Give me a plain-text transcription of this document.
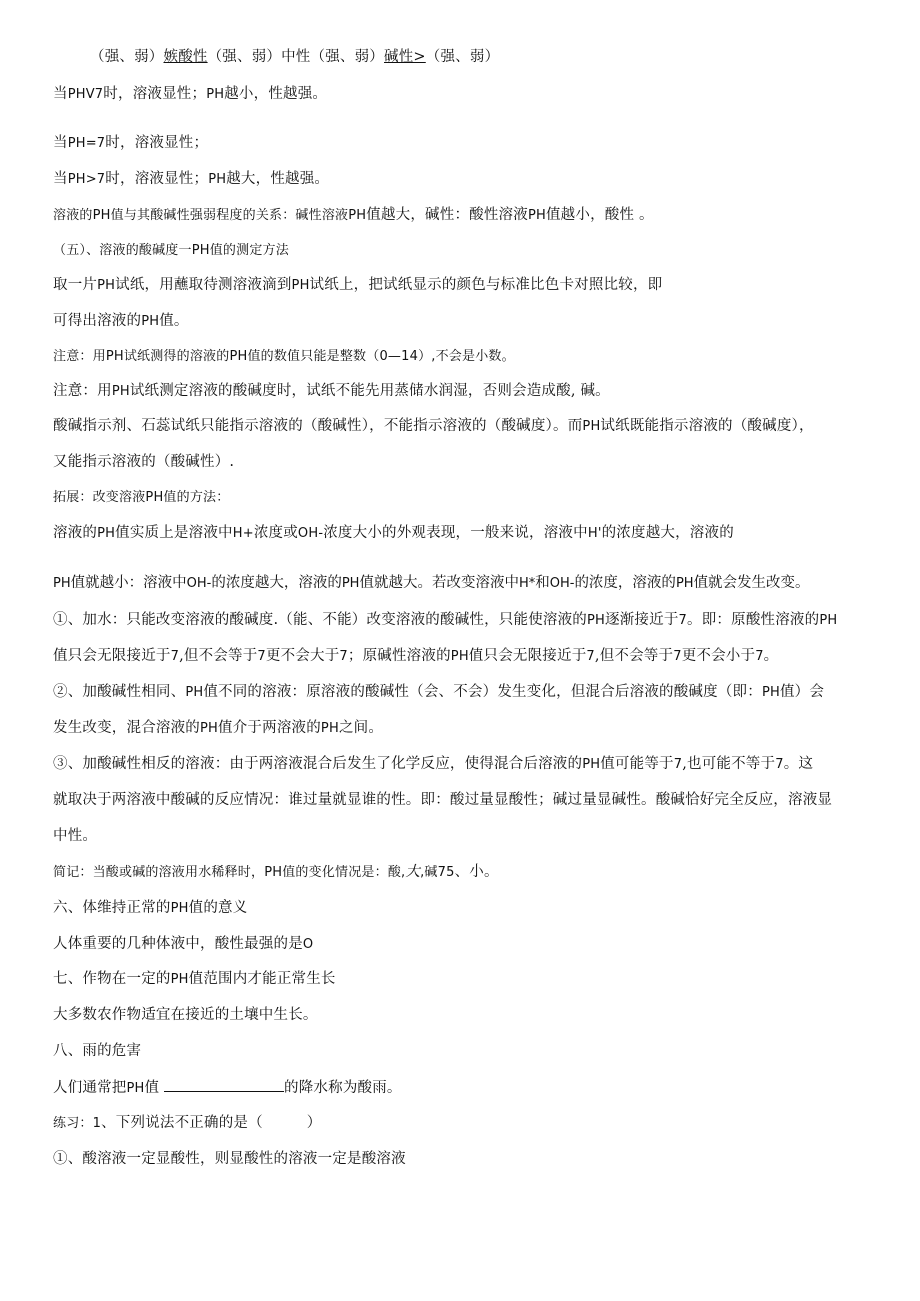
（强、弱）嫉酸性（强、弱）中性（强、弱）碱性>（强、弱）
当PHV7时，溶液显性；PH越小，性越强。
当PH=7时，溶液显性；
当PH>7时，溶液显性；PH越大，性越强。
溶液的PH值与其酸碱性强弱程度的关系：碱性溶液PH值越大，碱性：酸性溶液PH值越小，酸性 。
（五）、溶液的酸碱度一PH值的测定方法
取一片PH试纸，用蘸取待测溶液滴到PH试纸上，把试纸显示的颜色与标准比色卡对照比较，即
可得出溶液的PH值。
注意：用PH试纸测得的溶液的PH值的数值只能是整数（0—14）,不会是小数。
注意：用PH试纸测定溶液的酸碱度时，试纸不能先用蒸储水润湿，否则会造成酸, 碱。
酸碱指示剂、石蕊试纸只能指示溶液的（酸碱性），不能指示溶液的（酸碱度）。而PH试纸既能指示溶液的（酸碱度），
又能指示溶液的（酸碱性）.
拓展：改变溶液PH值的方法：
溶液的PH值实质上是溶液中H+浓度或OH-浓度大小的外观表现，一般来说，溶液中H'的浓度越大，溶液的
PH值就越小：溶液中OH-的浓度越大，溶液的PH值就越大。若改变溶液中H*和OH-的浓度，溶液的PH值就会发生改变。
①、加水：只能改变溶液的酸碱度.（能、不能）改变溶液的酸碱性，只能使溶液的PH逐渐接近于7。即：原酸性溶液的PH
值只会无限接近于7,但不会等于7更不会大于7；原碱性溶液的PH值只会无限接近于7,但不会等于7更不会小于7。
②、加酸碱性相同、PH值不同的溶液：原溶液的酸碱性（会、不会）发生变化，但混合后溶液的酸碱度（即：PH值）会
发生改变，混合溶液的PH值介于两溶液的PH之间。
③、加酸碱性相反的溶液：由于两溶液混合后发生了化学反应，使得混合后溶液的PH值可能等于7,也可能不等于7。这
就取决于两溶液中酸碱的反应情况：谁过量就显谁的性。即：酸过量显酸性；碱过量显碱性。酸碱恰好完全反应，溶液显
中性。
简记：当酸或碱的溶液用水稀释时，PH值的变化情况是：酸,大,碱75、小。
六、体维持正常的PH值的意义
人体重要的几种体液中，酸性最强的是O
七、作物在一定的PH值范围内才能正常生长
大多数农作物适宜在接近的土壤中生长。
八、雨的危害
人们通常把PH值	的降水称为酸雨。
练习：1、下列说法不正确的是（	）
①、酸溶液一定显酸性，则显酸性的溶液一定是酸溶液
